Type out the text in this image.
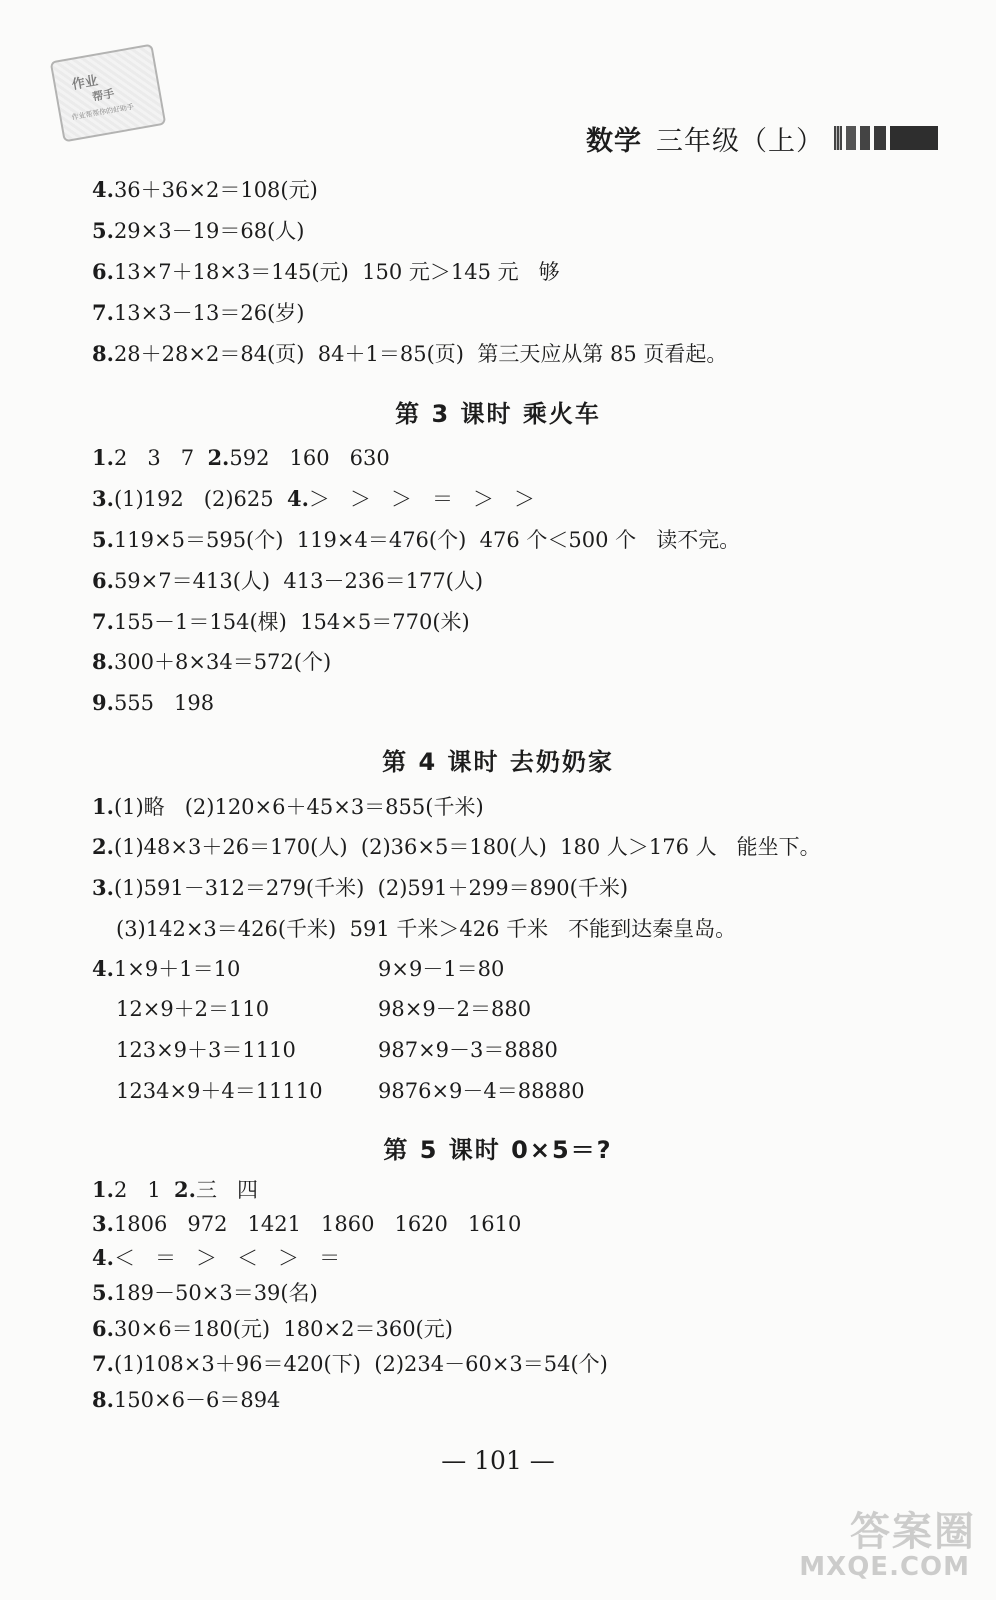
作业
帮手
作业帮帮你的好助手
数学 三年级（上）
4.36＋36×2＝108(元)
5.29×3－19＝68(人)
6.13×7＋18×3＝145(元)  150 元＞145 元   够
7.13×3－13＝26(岁)
8.28＋28×2＝84(页)  84＋1＝85(页)  第三天应从第 85 页看起。
第 3 课时 乘火车
1.2   3   7  2.592   160   630
3.(1)192   (2)625  4.＞   ＞   ＞   ＝   ＞   ＞
5.119×5＝595(个)  119×4＝476(个)  476 个＜500 个   读不完。
6.59×7＝413(人)  413－236＝177(人)
7.155－1＝154(棵)  154×5＝770(米)
8.300＋8×34＝572(个)
9.555   198
第 4 课时 去奶奶家
1.(1)略   (2)120×6＋45×3＝855(千米)
2.(1)48×3＋26＝170(人)  (2)36×5＝180(人)  180 人＞176 人   能坐下。
3.(1)591－312＝279(千米)  (2)591＋299＝890(千米)
(3)142×3＝426(千米)  591 千米＞426 千米   不能到达秦皇岛。
4.1×9＋1＝10	9×9－1＝80
12×9＋2＝110	98×9－2＝880
123×9＋3＝1110	987×9－3＝8880
1234×9＋4＝11110	9876×9－4＝88880
第 5 课时 0×5＝?
1.2   1  2.三   四
3.1806   972   1421   1860   1620   1610
4.＜   ＝   ＞   ＜   ＞   ＝
5.189－50×3＝39(名)
6.30×6＝180(元)  180×2＝360(元)
7.(1)108×3＋96＝420(下)  (2)234－60×3＝54(个)
8.150×6－6＝894
— 101 —
答案圈
MXQE.COM
